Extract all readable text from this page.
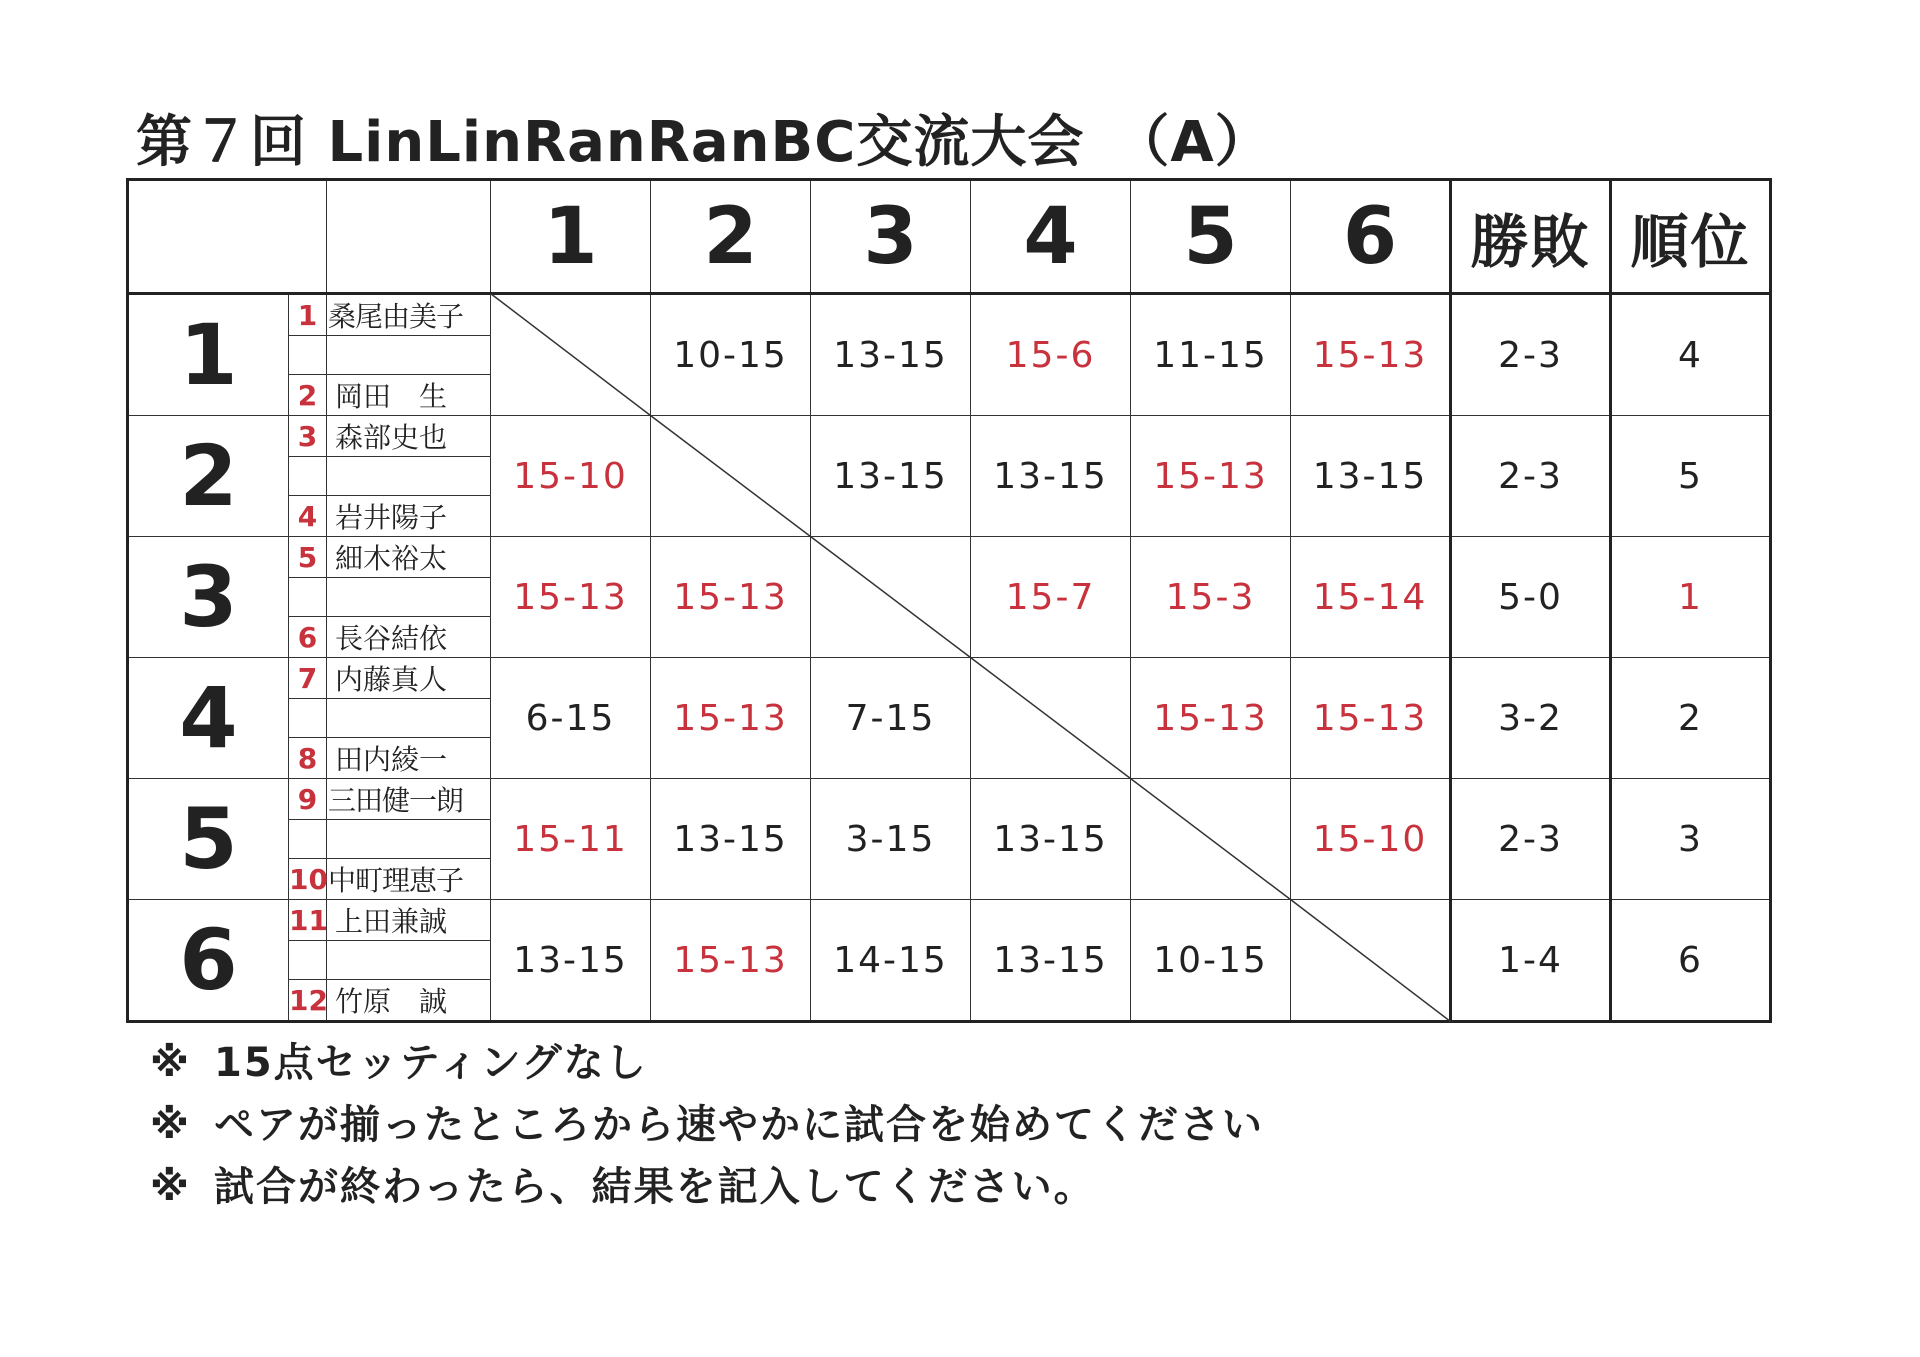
第７回 LinLinRanRanBC交流大会　（A）
			1	2	3	4	5	6	勝敗	順位
1	1	桑尾由美子		10-15	13-15	15-6	11-15	15-13	2-3	4

	2	岡田　生								
2	3	森部史也	15-10		13-15	13-15	15-13	13-15	2-3	5

	4	岩井陽子								
3	5	細木裕太	15-13	15-13		15-7	15-3	15-14	5-0	1

	6	長谷結依								
4	7	内藤真人	6-15	15-13	7-15		15-13	15-13	3-2	2

	8	田内綾一								
5	9	三田健一朗	15-11	13-15	3-15	13-15		15-10	2-3	3

	10	中町理恵子								
6	11	上田兼誠	13-15	15-13	14-15	13-15	10-15		1-4	6

	12	竹原　誠								

※ 15点セッティングなし

※ ペアが揃ったところから速やかに試合を始めてください

※ 試合が終わったら、結果を記入してください。
